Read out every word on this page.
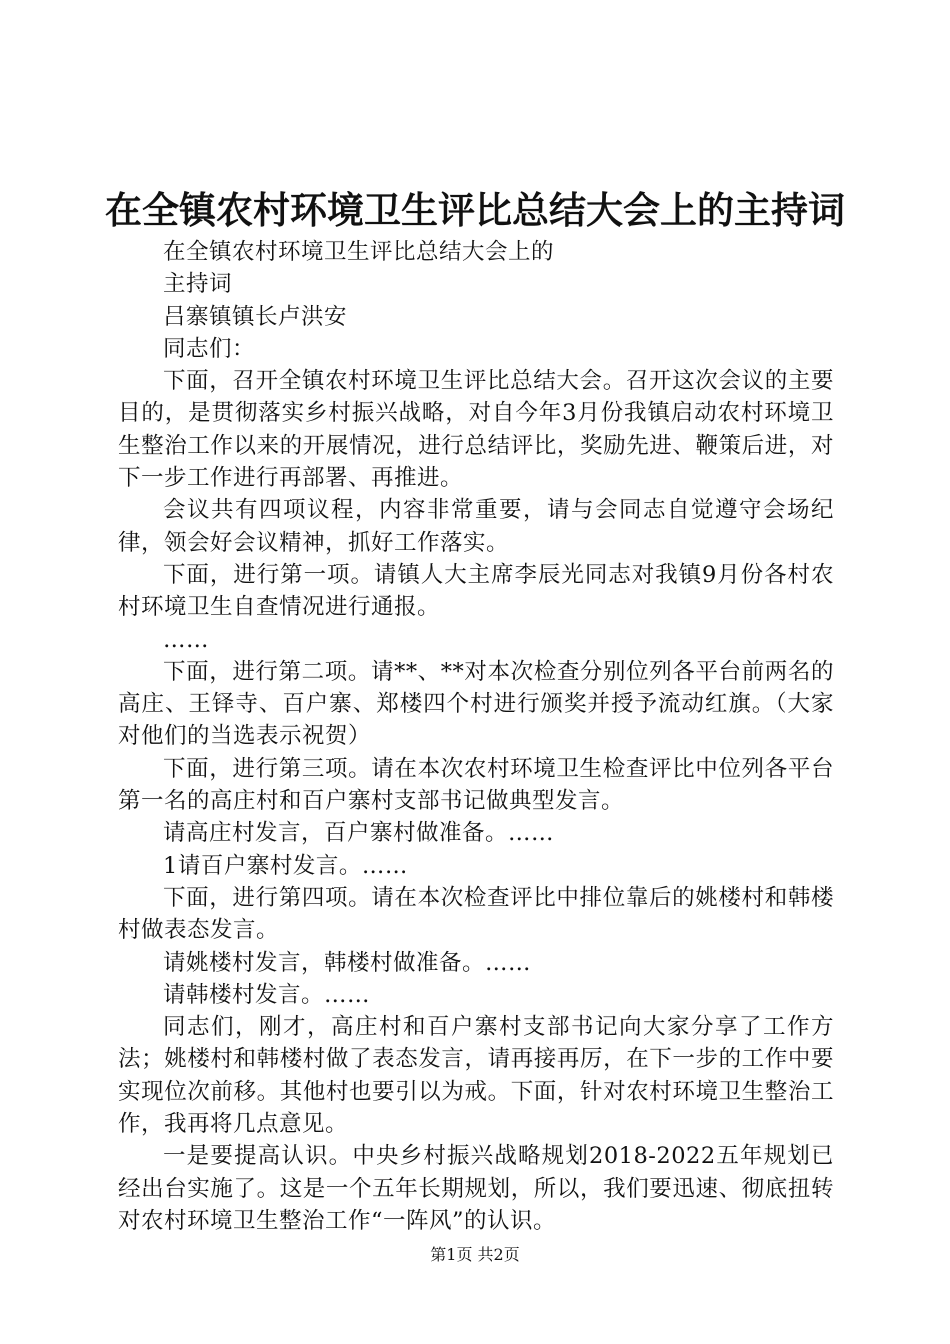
在全镇农村环境卫生评比总结大会上的主持词

在全镇农村环境卫生评比总结大会上的

主持词

吕寨镇镇长卢洪安

同志们：

下面，召开全镇农村环境卫生评比总结大会。召开这次会议的主要目的，是贯彻落实乡村振兴战略，对自今年3月份我镇启动农村环境卫生整治工作以来的开展情况，进行总结评比，奖励先进、鞭策后进，对下一步工作进行再部署、再推进。

会议共有四项议程，内容非常重要，请与会同志自觉遵守会场纪律，领会好会议精神，抓好工作落实。

下面，进行第一项。请镇人大主席李辰光同志对我镇9月份各村农村环境卫生自查情况进行通报。

……

下面，进行第二项。请**、**对本次检查分别位列各平台前两名的高庄、王铎寺、百户寨、郑楼四个村进行颁奖并授予流动红旗。（大家对他们的当选表示祝贺）

下面，进行第三项。请在本次农村环境卫生检查评比中位列各平台第一名的高庄村和百户寨村支部书记做典型发言。

请高庄村发言，百户寨村做准备。……

1请百户寨村发言。……

下面，进行第四项。请在本次检查评比中排位靠后的姚楼村和韩楼村做表态发言。

请姚楼村发言，韩楼村做准备。……

请韩楼村发言。……

同志们，刚才，高庄村和百户寨村支部书记向大家分享了工作方法；姚楼村和韩楼村做了表态发言，请再接再厉，在下一步的工作中要实现位次前移。其他村也要引以为戒。下面，针对农村环境卫生整治工作，我再将几点意见。

一是要提高认识。中央乡村振兴战略规划2018-2022五年规划已经出台实施了。这是一个五年长期规划，所以，我们要迅速、彻底扭转对农村环境卫生整治工作“一阵风”的认识。

第1页 共2页
